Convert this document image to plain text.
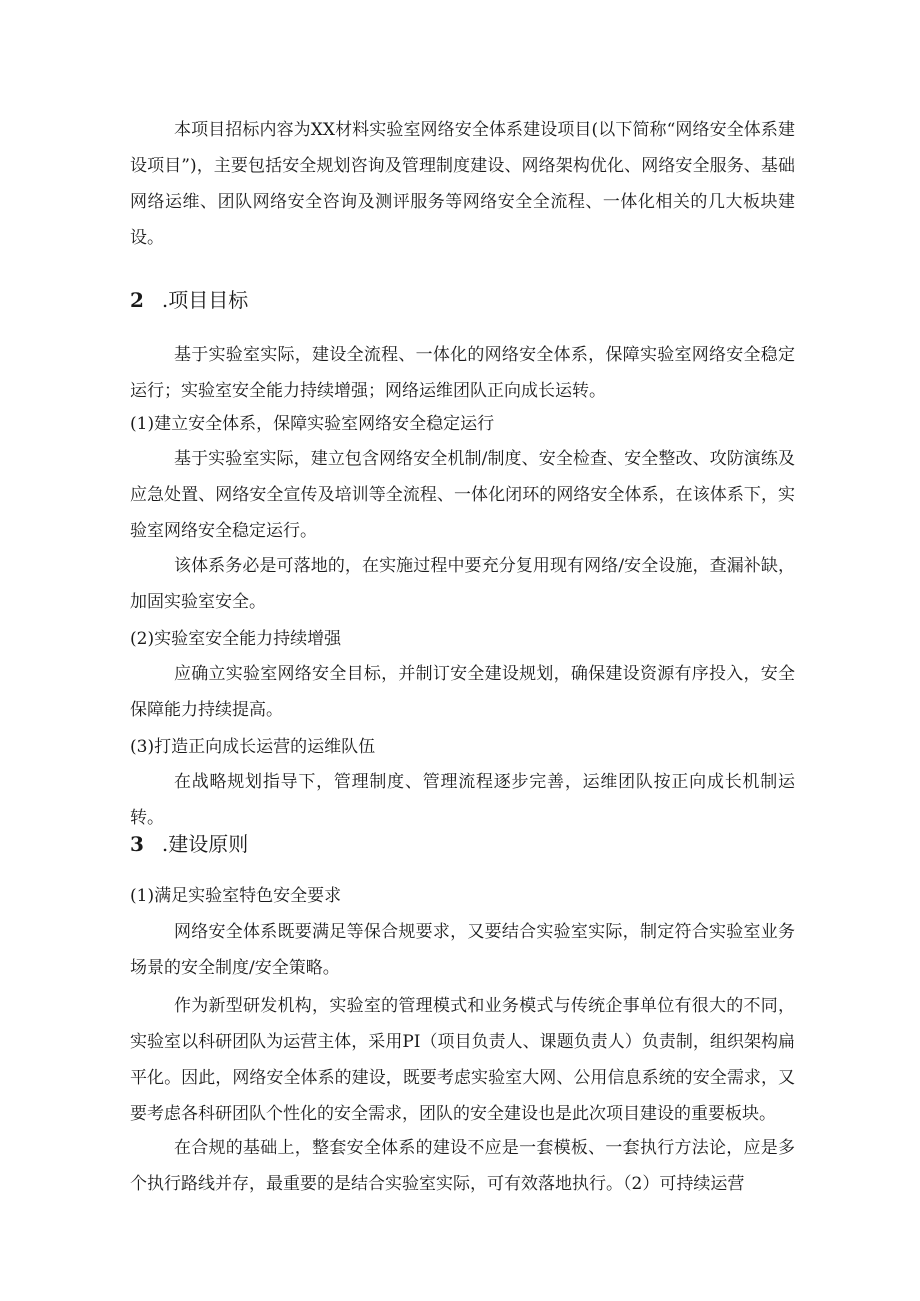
本项目招标内容为XX材料实验室网络安全体系建设项目(以下简称“网络安全体系建设项目”)，主要包括安全规划咨询及管理制度建设、网络架构优化、网络安全服务、基础网络运维、团队网络安全咨询及测评服务等网络安全全流程、一体化相关的几大板块建设。

2 .项目目标

基于实验室实际，建设全流程、一体化的网络安全体系，保障实验室网络安全稳定运行；实验室安全能力持续增强；网络运维团队正向成长运转。

(1)建立安全体系，保障实验室网络安全稳定运行

基于实验室实际，建立包含网络安全机制/制度、安全检查、安全整改、攻防演练及应急处置、网络安全宣传及培训等全流程、一体化闭环的网络安全体系，在该体系下，实验室网络安全稳定运行。

该体系务必是可落地的，在实施过程中要充分复用现有网络/安全设施，查漏补缺，加固实验室安全。

(2)实验室安全能力持续增强

应确立实验室网络安全目标，并制订安全建设规划，确保建设资源有序投入，安全保障能力持续提高。

(3)打造正向成长运营的运维队伍

在战略规划指导下，管理制度、管理流程逐步完善，运维团队按正向成长机制运转。

3 .建设原则
(1)满足实验室特色安全要求

网络安全体系既要满足等保合规要求，又要结合实验室实际，制定符合实验室业务场景的安全制度/安全策略。

作为新型研发机构，实验室的管理模式和业务模式与传统企事单位有很大的不同，实验室以科研团队为运营主体，采用PI（项目负责人、课题负责人）负责制，组织架构扁平化。因此，网络安全体系的建设，既要考虑实验室大网、公用信息系统的安全需求，又要考虑各科研团队个性化的安全需求，团队的安全建设也是此次项目建设的重要板块。

在合规的基础上，整套安全体系的建设不应是一套模板、一套执行方法论，应是多个执行路线并存，最重要的是结合实验室实际，可有效落地执行。（2）可持续运营
